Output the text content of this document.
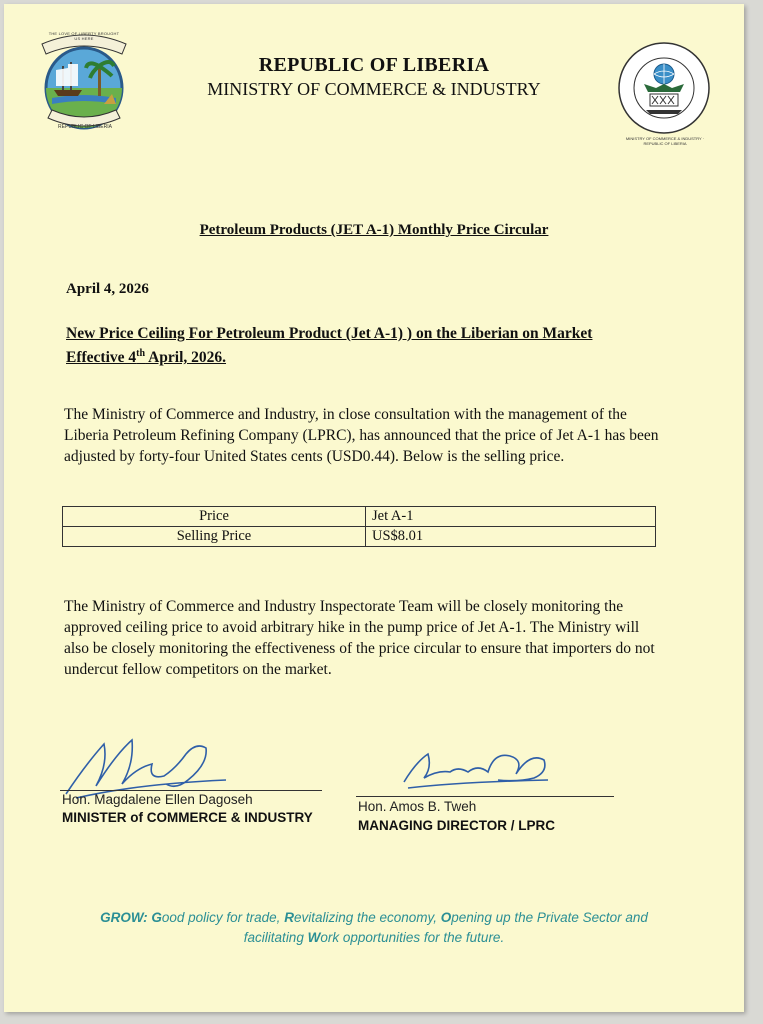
THE LOVE OF LIBERTY BROUGHT US HERE
REPUBLIC OF LIBERIA
REPUBLIC OF LIBERIA
MINISTRY OF COMMERCE & INDUSTRY
MINISTRY OF COMMERCE & INDUSTRY · REPUBLIC OF LIBERIA
Petroleum Products (JET A-1) Monthly Price Circular
April 4, 2026
New Price Ceiling For Petroleum Product (Jet A-1) ) on the Liberian on Market
Effective 4th April, 2026.
The Ministry of Commerce and Industry, in close consultation with the management of the Liberia Petroleum Refining Company (LPRC), has announced that the price of Jet A-1 has been adjusted by forty-four United States cents (USD0.44). Below is the selling price.
Price	Jet A-1
Selling Price	US$8.01
The Ministry of Commerce and Industry Inspectorate Team will be closely monitoring the approved ceiling price to avoid arbitrary hike in the pump price of Jet A-1. The Ministry will also be closely monitoring the effectiveness of the price circular to ensure that importers do not undercut fellow competitors on the market.
Hon. Magdalene Ellen Dagoseh
MINISTER of COMMERCE & INDUSTRY
Hon. Amos B. Tweh
MANAGING DIRECTOR / LPRC
GROW: Good policy for trade, Revitalizing the economy, Opening up the Private Sector and
facilitating Work opportunities for the future.
